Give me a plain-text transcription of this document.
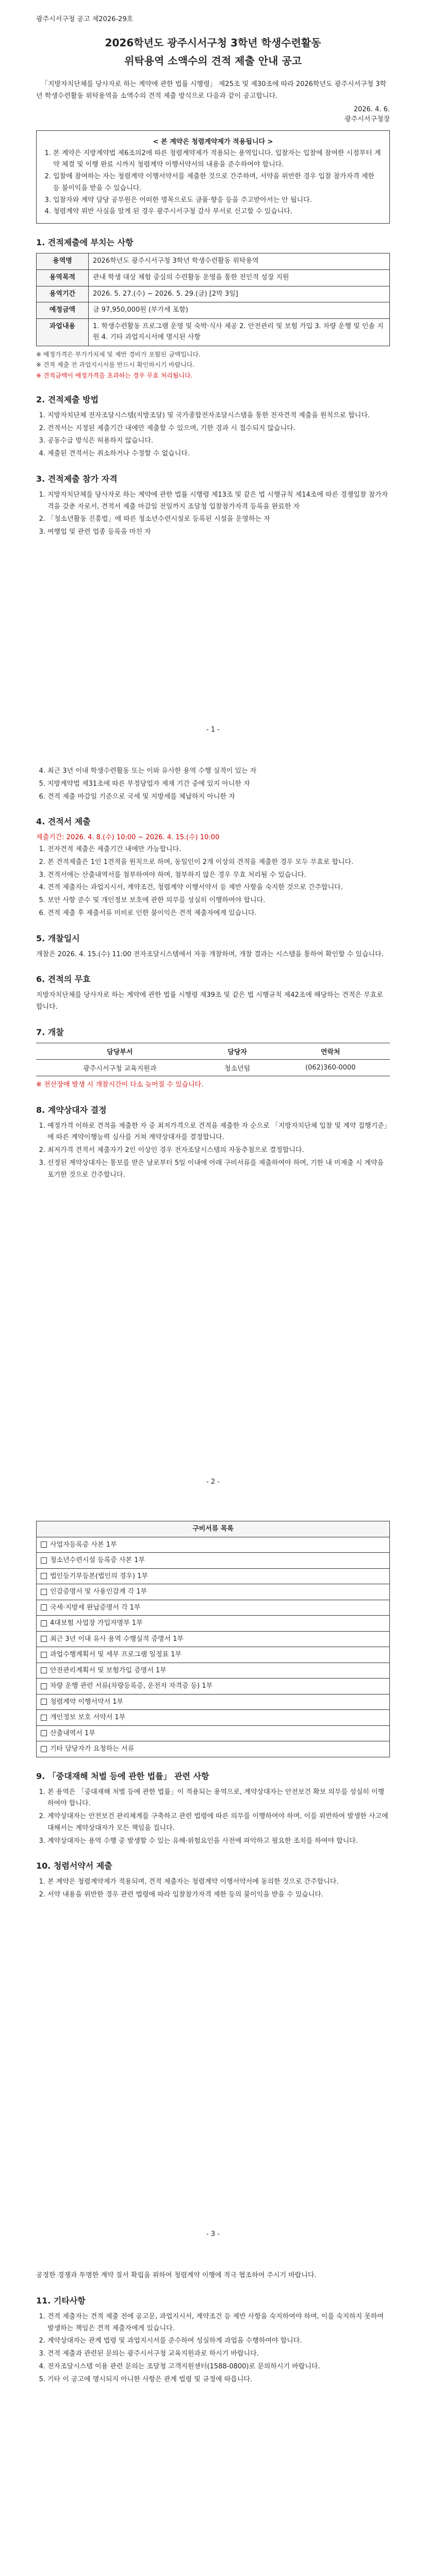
광주시서구청 공고 제2026-29호
2026학년도 광주시서구청 3학년 학생수련활동
위탁용역 소액수의 견적 제출 안내 공고

「지방자치단체를 당사자로 하는 계약에 관한 법률 시행령」 제25조 및 제30조에 따라 2026학년도 광주시서구청 3학년 학생수련활동 위탁용역을 소액수의 견적 제출 방식으로 다음과 같이 공고합니다.

2026. 4. 6.
광주시서구청장
< 본 계약은 청렴계약제가 적용됩니다 >
1. 본 계약은 지방계약법 제6조의2에 따른 청렴계약제가 적용되는 용역입니다. 입찰자는 입찰에 참여한 시점부터 계약 체결 및 이행 완료 시까지 청렴계약 이행서약서의 내용을 준수하여야 합니다.
2. 입찰에 참여하는 자는 청렴계약 이행서약서를 제출한 것으로 간주하며, 서약을 위반한 경우 입찰 참가자격 제한 등 불이익을 받을 수 있습니다.
3. 입찰자와 계약 담당 공무원은 어떠한 명목으로도 금품·향응 등을 주고받아서는 안 됩니다.
4. 청렴계약 위반 사실을 알게 된 경우 광주시서구청 감사 부서로 신고할 수 있습니다.
1. 견적제출에 부치는 사항
용역명	2026학년도 광주시서구청 3학년 학생수련활동 위탁용역
용역목적	관내 학생 대상 체험 중심의 수련활동 운영을 통한 전인적 성장 지원
용역기간	2026. 5. 27.(수) ~ 2026. 5. 29.(금) [2박 3일]
예정금액	금 97,950,000원 (부가세 포함)
과업내용	1. 학생수련활동 프로그램 운영 및 숙박·식사 제공 2. 안전관리 및 보험 가입 3. 차량 운행 및 인솔 지원 4. 기타 과업지시서에 명시된 사항
※ 예정가격은 부가가치세 및 제반 경비가 포함된 금액입니다.
※ 견적 제출 전 과업지시서를 반드시 확인하시기 바랍니다.
※ 견적금액이 예정가격을 초과하는 경우 무효 처리됩니다.
2. 견적제출 방법
1. 지방자치단체 전자조달시스템(지방조달) 및 국가종합전자조달시스템을 통한 전자견적 제출을 원칙으로 합니다.
2. 견적서는 지정된 제출기간 내에만 제출할 수 있으며, 기한 경과 시 접수되지 않습니다.
3. 공동수급 방식은 허용하지 않습니다.
4. 제출된 견적서는 취소하거나 수정할 수 없습니다.
3. 견적제출 참가 자격
1. 지방자치단체를 당사자로 하는 계약에 관한 법률 시행령 제13조 및 같은 법 시행규칙 제14조에 따른 경쟁입찰 참가자격을 갖춘 자로서, 견적서 제출 마감일 전일까지 조달청 입찰참가자격 등록을 완료한 자
2. 「청소년활동 진흥법」에 따른 청소년수련시설로 등록된 시설을 운영하는 자
3. 여행업 및 관련 업종 등록을 마친 자
- 1 -
4. 최근 3년 이내 학생수련활동 또는 이와 유사한 용역 수행 실적이 있는 자
5. 지방계약법 제31조에 따른 부정당업자 제재 기간 중에 있지 아니한 자
6. 견적 제출 마감일 기준으로 국세 및 지방세를 체납하지 아니한 자
4. 견적서 제출

제출기간: 2026. 4. 8.(수) 10:00 ~ 2026. 4. 15.(수) 10:00

1. 전자견적 제출은 제출기간 내에만 가능합니다.
2. 본 견적제출은 1인 1견적을 원칙으로 하며, 동일인이 2개 이상의 견적을 제출한 경우 모두 무효로 합니다.
3. 견적서에는 산출내역서를 첨부하여야 하며, 첨부하지 않은 경우 무효 처리될 수 있습니다.
4. 견적 제출자는 과업지시서, 계약조건, 청렴계약 이행서약서 등 제반 사항을 숙지한 것으로 간주합니다.
5. 보안 사항 준수 및 개인정보 보호에 관한 의무를 성실히 이행하여야 합니다.
6. 견적 제출 후 제출서류 미비로 인한 불이익은 견적 제출자에게 있습니다.
5. 개찰일시

개찰은 2026. 4. 15.(수) 11:00 전자조달시스템에서 자동 개찰하며, 개찰 결과는 시스템을 통하여 확인할 수 있습니다.

6. 견적의 무효

지방자치단체를 당사자로 하는 계약에 관한 법률 시행령 제39조 및 같은 법 시행규칙 제42조에 해당하는 견적은 무효로 합니다.

7. 개찰
담당부서	담당자	연락처
광주시서구청 교육지원과	청소년팀	(062)360-0000

※ 전산장애 발생 시 개찰시간이 다소 늦어질 수 있습니다.

8. 계약상대자 결정
1. 예정가격 이하로 견적을 제출한 자 중 최저가격으로 견적을 제출한 자 순으로 「지방자치단체 입찰 및 계약 집행기준」에 따른 계약이행능력 심사를 거쳐 계약상대자를 결정합니다.
2. 최저가격 견적서 제출자가 2인 이상인 경우 전자조달시스템의 자동추첨으로 결정합니다.
3. 선정된 계약상대자는 통보를 받은 날로부터 5일 이내에 아래 구비서류를 제출하여야 하며, 기한 내 미제출 시 계약을 포기한 것으로 간주합니다.
- 2 -
구비서류 목록
사업자등록증 사본 1부
청소년수련시설 등록증 사본 1부
법인등기부등본(법인의 경우) 1부
인감증명서 및 사용인감계 각 1부
국세·지방세 완납증명서 각 1부
4대보험 사업장 가입자명부 1부
최근 3년 이내 유사 용역 수행실적 증명서 1부
과업수행계획서 및 세부 프로그램 일정표 1부
안전관리계획서 및 보험가입 증명서 1부
차량 운행 관련 서류(차량등록증, 운전자 자격증 등) 1부
청렴계약 이행서약서 1부
개인정보 보호 서약서 1부
산출내역서 1부
기타 담당자가 요청하는 서류
9. 「중대재해 처벌 등에 관한 법률」 관련 사항
1. 본 용역은 「중대재해 처벌 등에 관한 법률」이 적용되는 용역으로, 계약상대자는 안전보건 확보 의무를 성실히 이행하여야 합니다.
2. 계약상대자는 안전보건 관리체계를 구축하고 관련 법령에 따른 의무를 이행하여야 하며, 이를 위반하여 발생한 사고에 대해서는 계약상대자가 모든 책임을 집니다.
3. 계약상대자는 용역 수행 중 발생할 수 있는 유해·위험요인을 사전에 파악하고 필요한 조치를 하여야 합니다.
10. 청렴서약서 제출
1. 본 계약은 청렴계약제가 적용되며, 견적 제출자는 청렴계약 이행서약서에 동의한 것으로 간주합니다.
2. 서약 내용을 위반한 경우 관련 법령에 따라 입찰참가자격 제한 등의 불이익을 받을 수 있습니다.
- 3 -

공정한 경쟁과 투명한 계약 질서 확립을 위하여 청렴계약 이행에 적극 협조하여 주시기 바랍니다.

11. 기타사항
1. 견적 제출자는 견적 제출 전에 공고문, 과업지시서, 계약조건 등 제반 사항을 숙지하여야 하며, 이를 숙지하지 못하여 발생하는 책임은 견적 제출자에게 있습니다.
2. 계약상대자는 관계 법령 및 과업지시서를 준수하여 성실하게 과업을 수행하여야 합니다.
3. 견적 제출과 관련된 문의는 광주시서구청 교육지원과로 하시기 바랍니다.
4. 전자조달시스템 이용 관련 문의는 조달청 고객지원센터(1588-0800)로 문의하시기 바랍니다.
5. 기타 이 공고에 명시되지 아니한 사항은 관계 법령 및 규정에 따릅니다.
